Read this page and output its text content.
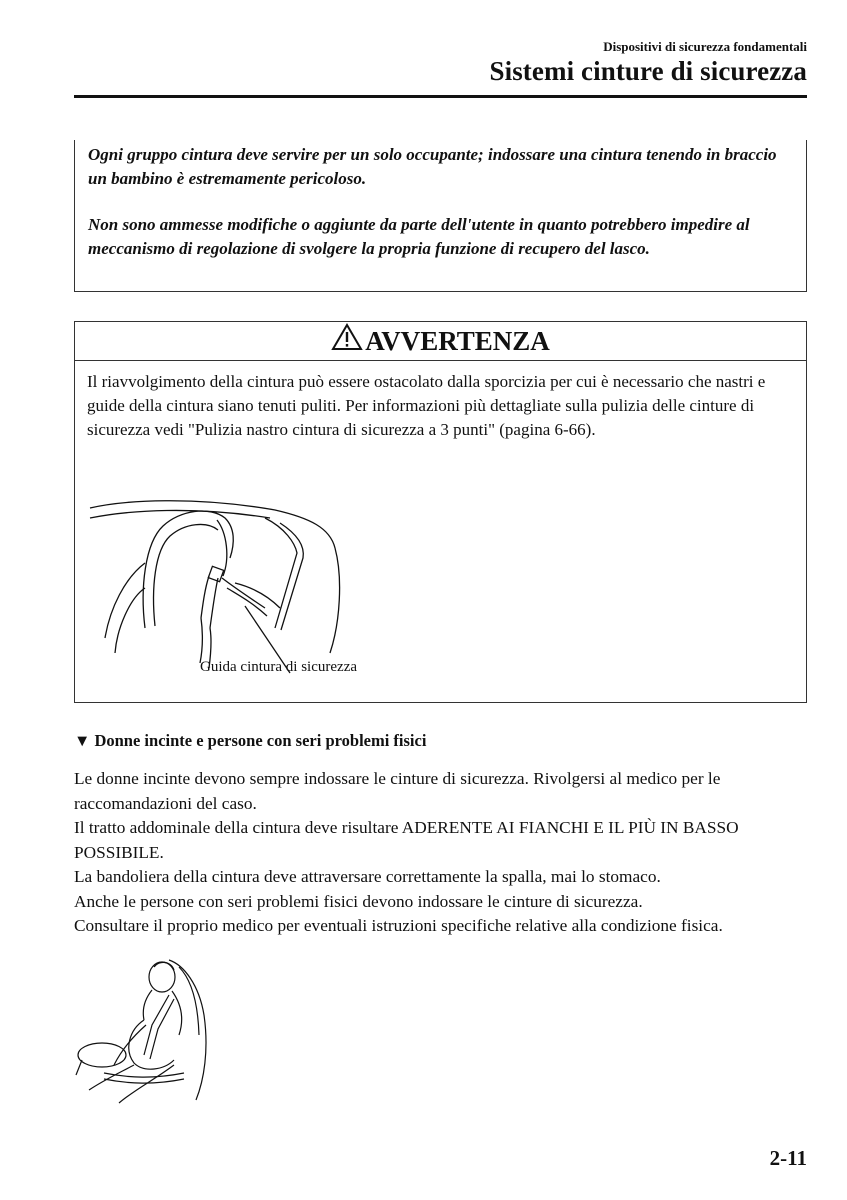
Dispositivi di sicurezza fondamentali
Sistemi cinture di sicurezza
Ogni gruppo cintura deve servire per un solo occupante; indossare una cintura tenendo in braccio un bambino è estremamente pericoloso.
Non sono ammesse modifiche o aggiunte da parte dell'utente in quanto potrebbero impedire al meccanismo di regolazione di svolgere la propria funzione di recupero del lasco.
AVVERTENZA
Il riavvolgimento della cintura può essere ostacolato dalla sporcizia per cui è necessario che nastri e guide della cintura siano tenuti puliti. Per informazioni più dettagliate sulla pulizia delle cinture di sicurezza vedi "Pulizia nastro cintura di sicurezza a 3 punti" (pagina 6-66).
Guida cintura di sicurezza
▼ Donne incinte e persone con seri problemi fisici

Le donne incinte devono sempre indossare le cinture di sicurezza. Rivolgersi al medico per le raccomandazioni del caso.

Il tratto addominale della cintura deve risultare ADERENTE AI FIANCHI E IL PIÙ IN BASSO POSSIBILE.

La bandoliera della cintura deve attraversare correttamente la spalla, mai lo stomaco.

Anche le persone con seri problemi fisici devono indossare le cinture di sicurezza.

Consultare il proprio medico per eventuali istruzioni specifiche relative alla condizione fisica.

2-11
